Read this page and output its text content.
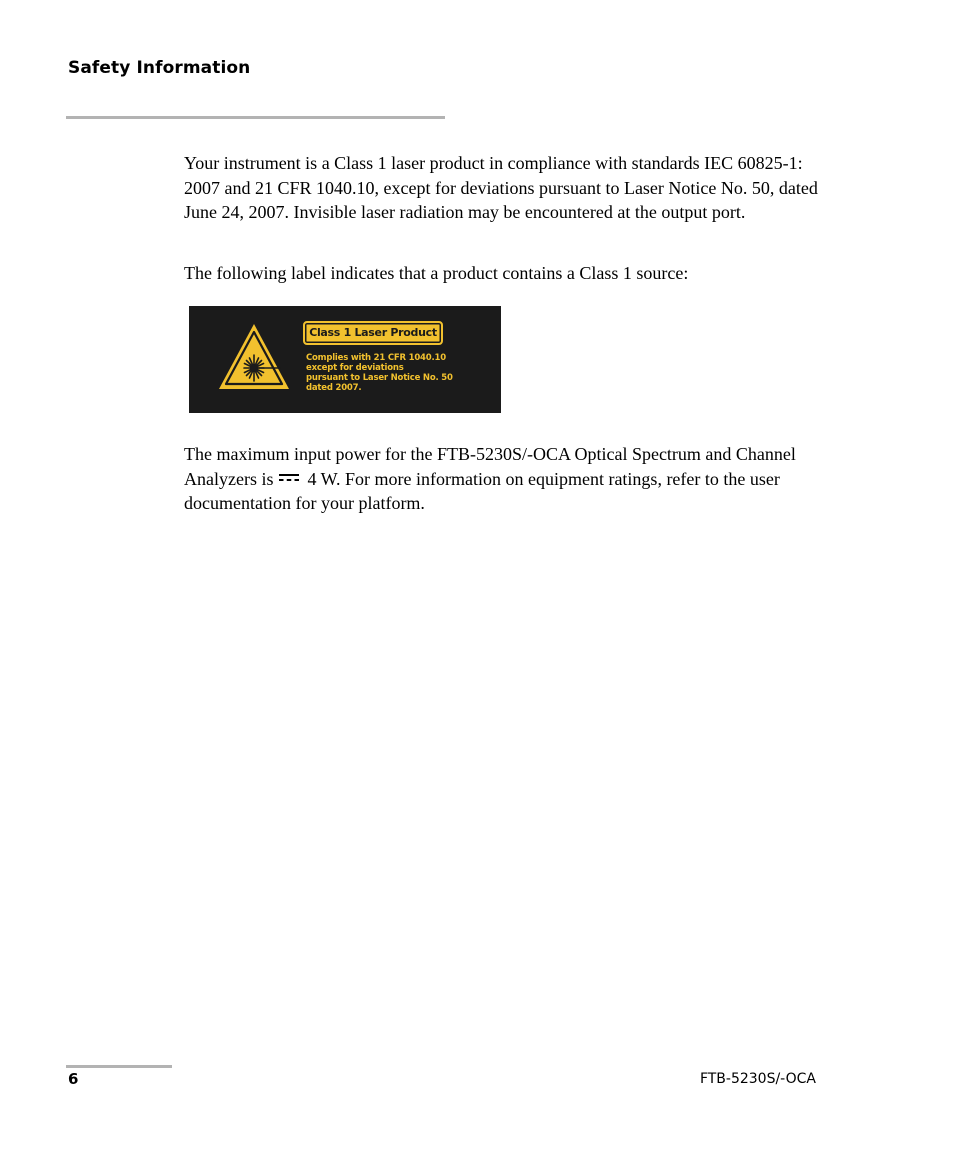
Safety Information

Your instrument is a Class 1 laser product in compliance with standards IEC 60825-1: 2007 and 21 CFR 1040.10, except for deviations pursuant to Laser Notice No. 50, dated June 24, 2007. Invisible laser radiation may be encountered at the output port.

The following label indicates that a product contains a Class 1 source:

Class 1 Laser Product
Complies with 21 CFR 1040.10
except for deviations
pursuant to Laser Notice No. 50
dated 2007.

The maximum input power for the FTB-5230S/-OCA Optical Spectrum and Channel Analyzers is 4 W. For more information on equipment ratings, refer to the user documentation for your platform.

6	FTB-5230S/-OCA
